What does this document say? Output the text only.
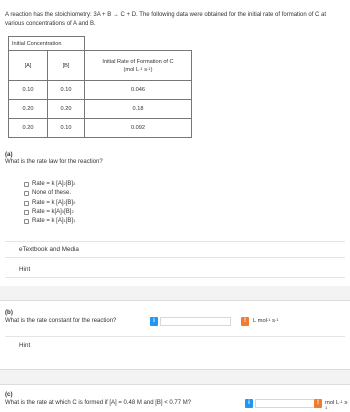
A reaction has the stoichiometry: 3A + B → C + D. The following data were obtained for the initial rate of formation of C at various concentrations of A and B.
Initial Concentration		
[A]	[B]	Initial Rate of Formation of C
(mol $L^{-1}$ $s^{-1}$)

0.10	0.10	0.046
0.20	0.20	0.18
0.20	0.10	0.092
(a)
What is the rate law for the reaction?
Rate = k $[A]^2$ $[B]^2$
None of these.
Rate = k $[A]^2$ $[B]^0$
Rate = $k[A]^0$ $[B]^2$
Rate = k $[A]^1$ $[B]^1$
eTextbook and Media
Hint
(b)
What is the rate constant for the reaction?	i	!	L mol$^{-1}$ $s^{-1}$
Hint
(c)
What is the rate at which C is formed if [A] = 0.48 M and [B] < 0.77 M?	i	!	mol $L^{-1}$ $s^{-1}$
